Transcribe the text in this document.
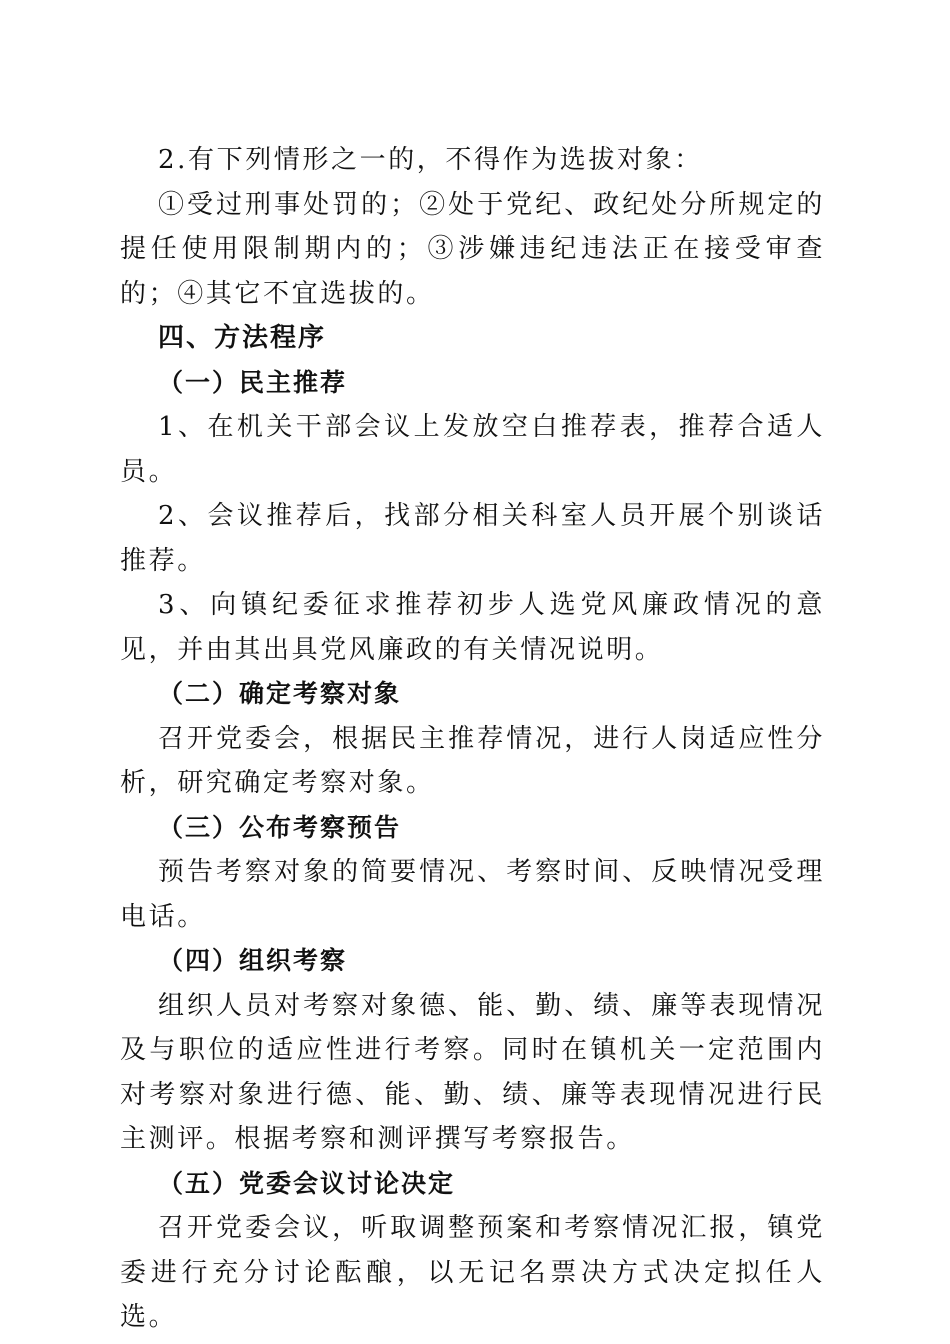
2.有下列情形之一的，不得作为选拔对象：

①受过刑事处罚的；②处于党纪、政纪处分所规定的提任使用限制期内的；③涉嫌违纪违法正在接受审查的；④其它不宜选拔的。

四、方法程序

（一）民主推荐

1、在机关干部会议上发放空白推荐表，推荐合适人员。

2、会议推荐后，找部分相关科室人员开展个别谈话推荐。

3、向镇纪委征求推荐初步人选党风廉政情况的意见，并由其出具党风廉政的有关情况说明。

（二）确定考察对象

召开党委会，根据民主推荐情况，进行人岗适应性分析，研究确定考察对象。

（三）公布考察预告

预告考察对象的简要情况、考察时间、反映情况受理电话。

（四）组织考察

组织人员对考察对象德、能、勤、绩、廉等表现情况及与职位的适应性进行考察。同时在镇机关一定范围内对考察对象进行德、能、勤、绩、廉等表现情况进行民主测评。根据考察和测评撰写考察报告。

（五）党委会议讨论决定

召开党委会议，听取调整预案和考察情况汇报，镇党委进行充分讨论酝酿，以无记名票决方式决定拟任人选。
